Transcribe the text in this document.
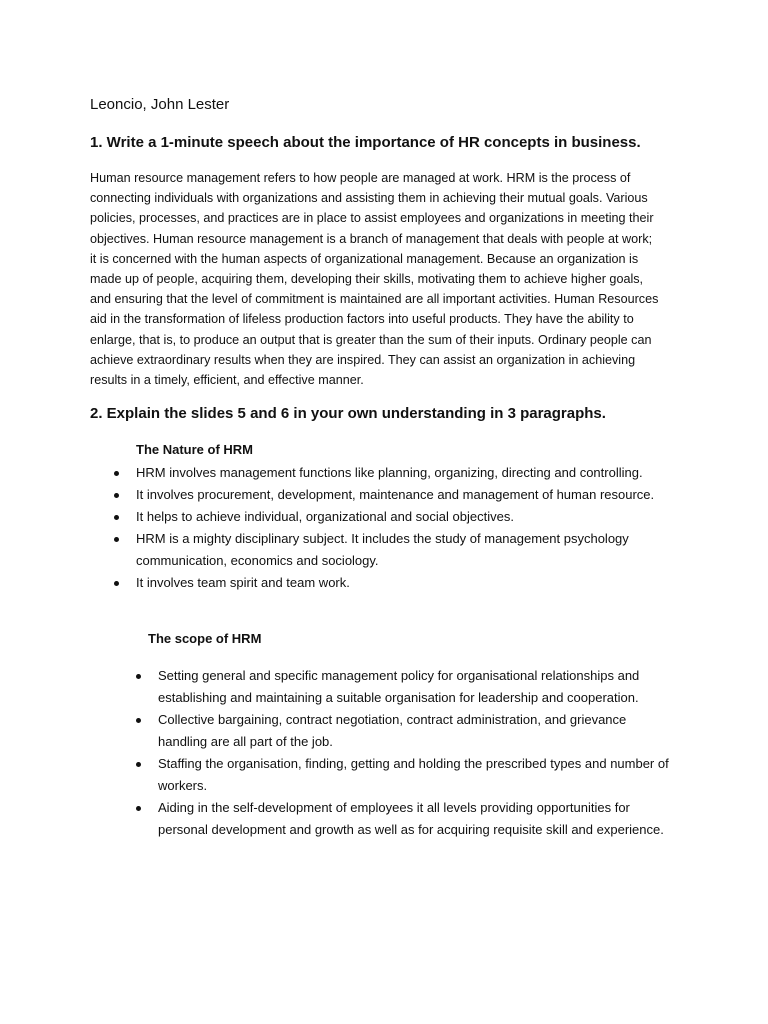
Leoncio, John Lester

1. Write a 1-minute speech about the importance of HR concepts in business.

Human resource management refers to how people are managed at work. HRM is the process of connecting individuals with organizations and assisting them in achieving their mutual goals. Various policies, processes, and practices are in place to assist employees and organizations in meeting their objectives. Human resource management is a branch of management that deals with people at work; it is concerned with the human aspects of organizational management. Because an organization is made up of people, acquiring them, developing their skills, motivating them to achieve higher goals, and ensuring that the level of commitment is maintained are all important activities. Human Resources aid in the transformation of lifeless production factors into useful products. They have the ability to enlarge, that is, to produce an output that is greater than the sum of their inputs. Ordinary people can achieve extraordinary results when they are inspired. They can assist an organization in achieving results in a timely, efficient, and effective manner.

2. Explain the slides 5 and 6 in your own understanding in 3 paragraphs.
The Nature of HRM
HRM involves management functions like planning, organizing, directing and controlling.
It involves procurement, development, maintenance and management of human resource.
It helps to achieve individual, organizational and social objectives.
HRM is a mighty disciplinary subject. It includes the study of management psychology communication, economics and sociology.
It involves team spirit and team work.
The scope of HRM
Setting general and specific management policy for organisational relationships and establishing and maintaining a suitable organisation for leadership and cooperation.
Collective bargaining, contract negotiation, contract administration, and grievance handling are all part of the job.
Staffing the organisation, finding, getting and holding the prescribed types and number of workers.
Aiding in the self-development of employees it all levels providing opportunities for personal development and growth as well as for acquiring requisite skill and experience.
